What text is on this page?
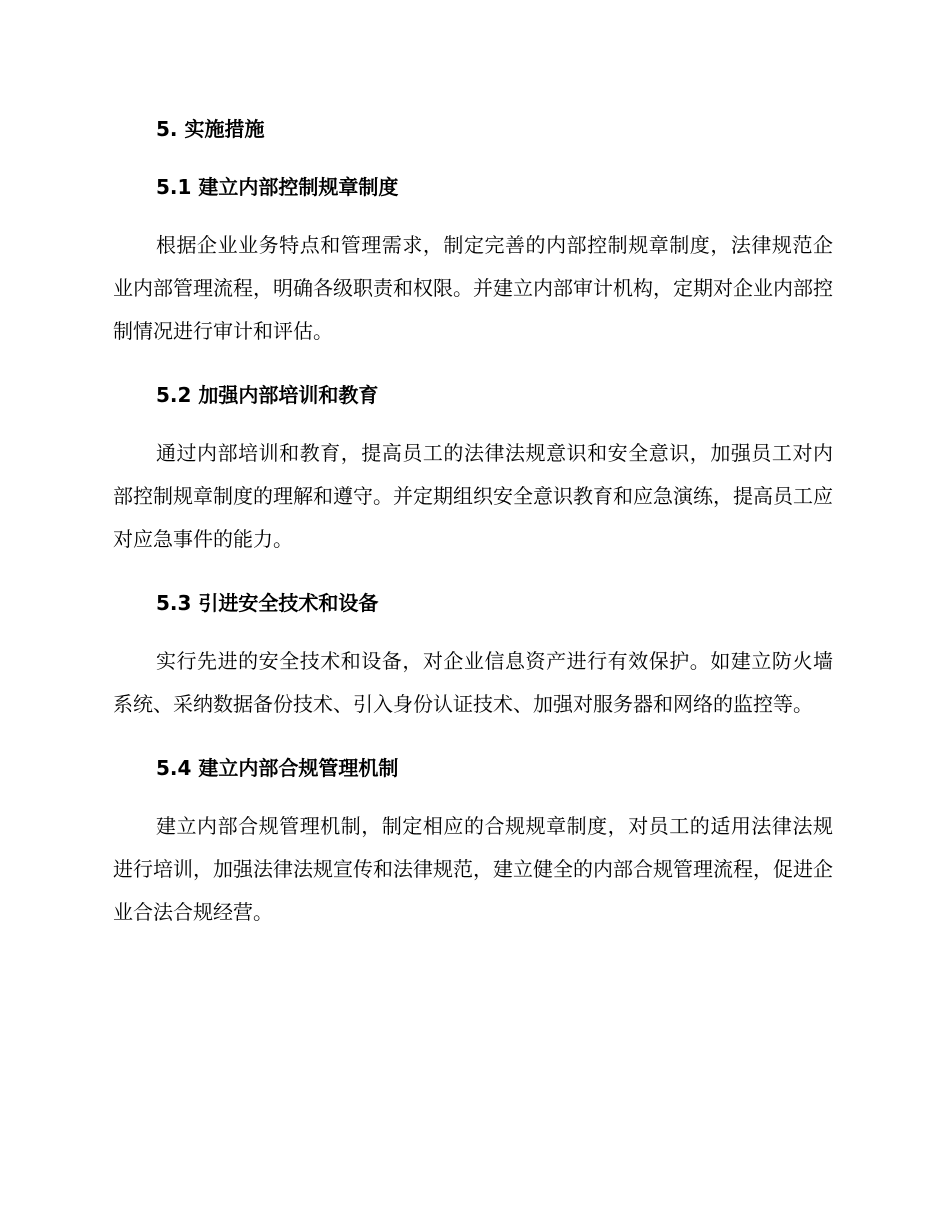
5. 实施措施
5.1 建立内部控制规章制度

根据企业业务特点和管理需求，制定完善的内部控制规章制度，法律规范企业内部管理流程，明确各级职责和权限。并建立内部审计机构，定期对企业内部控制情况进行审计和评估。

5.2 加强内部培训和教育

通过内部培训和教育，提高员工的法律法规意识和安全意识，加强员工对内部控制规章制度的理解和遵守。并定期组织安全意识教育和应急演练，提高员工应对应急事件的能力。

5.3 引进安全技术和设备

实行先进的安全技术和设备，对企业信息资产进行有效保护。如建立防火墙系统、采纳数据备份技术、引入身份认证技术、加强对服务器和网络的监控等。

5.4 建立内部合规管理机制

建立内部合规管理机制，制定相应的合规规章制度，对员工的适用法律法规进行培训，加强法律法规宣传和法律规范，建立健全的内部合规管理流程，促进企业合法合规经营。
